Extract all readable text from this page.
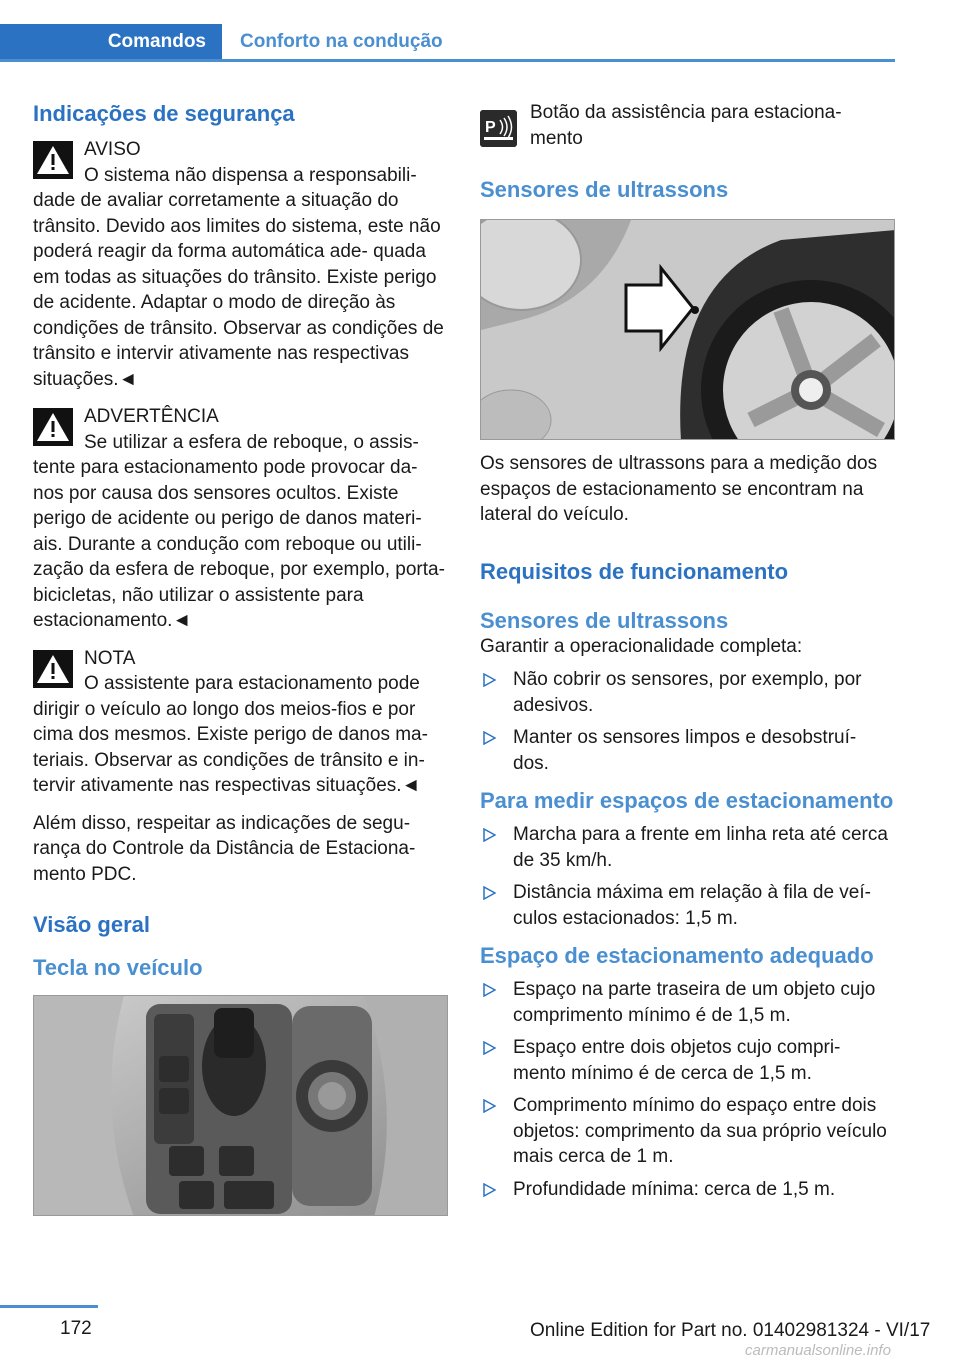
Comandos	Conforto na condução
Indicações de segurança

AVISO

O sistema não dispensa a responsabili-

dade de avaliar corretamente a situação do trânsito. Devido aos limites do sistema, este não poderá reagir da forma automática ade- quada em todas as situações do trânsito. Existe perigo de acidente. Adaptar o modo de direção às condições de trânsito. Observar as condições de trânsito e intervir ativamente nas respectivas situações.◄

ADVERTÊNCIA

Se utilizar a esfera de reboque, o assis-

tente para estacionamento pode provocar da- nos por causa dos sensores ocultos. Existe perigo de acidente ou perigo de danos materi- ais. Durante a condução com reboque ou utili- zação da esfera de reboque, por exemplo, porta-bicicletas, não utilizar o assistente para estacionamento.◄

NOTA

O assistente para estacionamento pode

dirigir o veículo ao longo dos meios-fios e por cima dos mesmos. Existe perigo de danos ma- teriais. Observar as condições de trânsito e in- tervir ativamente nas respectivas situações.◄

Além disso, respeitar as indicações de segu- rança do Controle da Distância de Estaciona- mento PDC.

Visão geral
Tecla no veículo
P

Botão da assistência para estaciona- mento

Sensores de ultrassons

Os sensores de ultrassons para a medição dos espaços de estacionamento se encontram na lateral do veículo.

Requisitos de funcionamento
Sensores de ultrassons

Garantir a operacionalidade completa:

Não cobrir os sensores, por exemplo, por adesivos.
Manter os sensores limpos e desobstruí- dos.
Para medir espaços de estacionamento
Marcha para a frente em linha reta até cerca de 35 km/h.
Distância máxima em relação à fila de veí- culos estacionados: 1,5 m.
Espaço de estacionamento adequado
Espaço na parte traseira de um objeto cujo comprimento mínimo é de 1,5 m.
Espaço entre dois objetos cujo compri- mento mínimo é de cerca de 1,5 m.
Comprimento mínimo do espaço entre dois objetos: comprimento da sua próprio veículo mais cerca de 1 m.
Profundidade mínima: cerca de 1,5 m.
172	Online Edition for Part no. 01402981324 - VI/17
carmanualsonline.info
